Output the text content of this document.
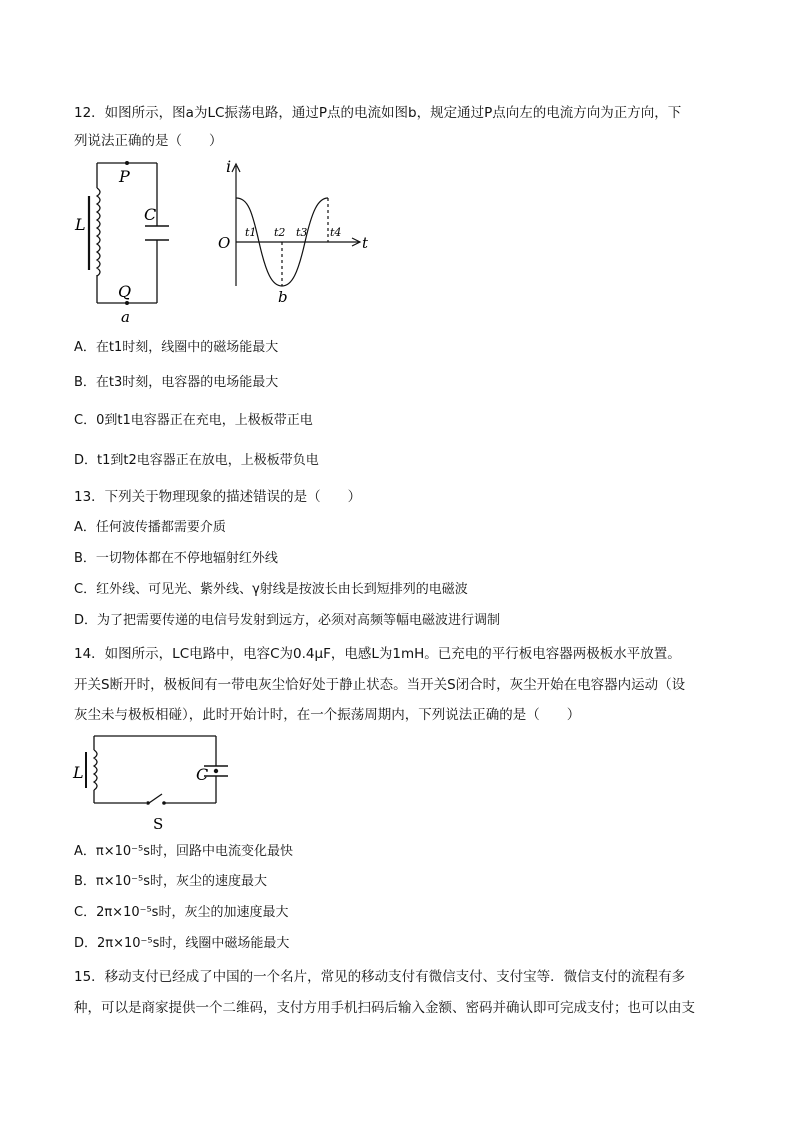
12．如图所示，图a为LC振荡电路，通过P点的电流如图b，规定通过P点向左的电流方向为正方向，下
列说法正确的是（　　）
L
C
P
Q
a
i
t
O
t1 t2 t3 t4
b
A．在t1时刻，线圈中的磁场能最大
B．在t3时刻，电容器的电场能最大
C．0到t1电容器正在充电，上极板带正电
D．t1到t2电容器正在放电，上极板带负电
13．下列关于物理现象的描述错误的是（　　）
A．任何波传播都需要介质
B．一切物体都在不停地辐射红外线
C．红外线、可见光、紫外线、γ射线是按波长由长到短排列的电磁波
D．为了把需要传递的电信号发射到远方，必须对高频等幅电磁波进行调制
14．如图所示，LC电路中，电容C为0.4μF，电感L为1mH。已充电的平行板电容器两极板水平放置。
开关S断开时，极板间有一带电灰尘恰好处于静止状态。当开关S闭合时，灰尘开始在电容器内运动（设
灰尘未与极板相碰），此时开始计时，在一个振荡周期内，下列说法正确的是（　　）
L	C
S
A．π×10⁻⁵s时，回路中电流变化最快
B．π×10⁻⁵s时，灰尘的速度最大
C．2π×10⁻⁵s时，灰尘的加速度最大
D．2π×10⁻⁵s时，线圈中磁场能最大
15．移动支付已经成了中国的一个名片，常见的移动支付有微信支付、支付宝等．微信支付的流程有多
种，可以是商家提供一个二维码，支付方用手机扫码后输入金额、密码并确认即可完成支付；也可以由支
